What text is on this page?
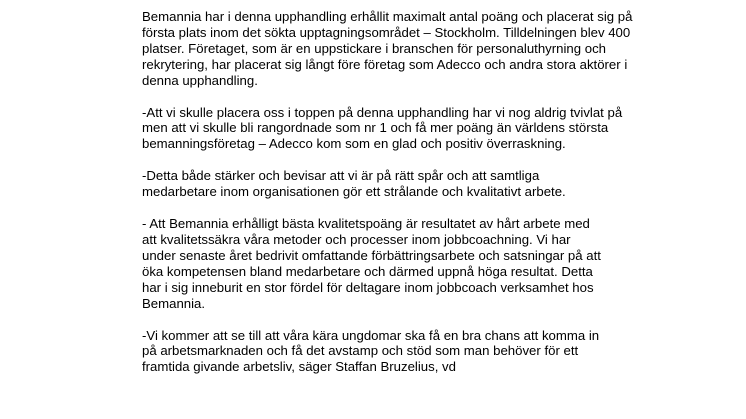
Bemannia har i denna upphandling erhållit maximalt antal poäng och placerat sig på
första plats inom det sökta upptagningsområdet – Stockholm. Tilldelningen blev 400
platser. Företaget, som är en uppstickare i branschen för personaluthyrning och
rekrytering, har placerat sig långt före företag som Adecco och andra stora aktörer i
denna upphandling.

-Att vi skulle placera oss i toppen på denna upphandling har vi nog aldrig tvivlat på
men att vi skulle bli rangordnade som nr 1 och få mer poäng än världens största
bemanningsföretag – Adecco kom som en glad och positiv överraskning.

-Detta både stärker och bevisar att vi är på rätt spår och att samtliga
medarbetare inom organisationen gör ett strålande och kvalitativt arbete.

- Att Bemannia erhålligt bästa kvalitetspoäng är resultatet av hårt arbete med
att kvalitetssäkra våra metoder och processer inom jobbcoachning. Vi har
under senaste året bedrivit omfattande förbättringsarbete och satsningar på att
öka kompetensen bland medarbetare och därmed uppnå höga resultat. Detta
har i sig inneburit en stor fördel för deltagare inom jobbcoach verksamhet hos
Bemannia.

-Vi kommer att se till att våra kära ungdomar ska få en bra chans att komma in
på arbetsmarknaden och få det avstamp och stöd som man behöver för ett
framtida givande arbetsliv, säger Staffan Bruzelius, vd
